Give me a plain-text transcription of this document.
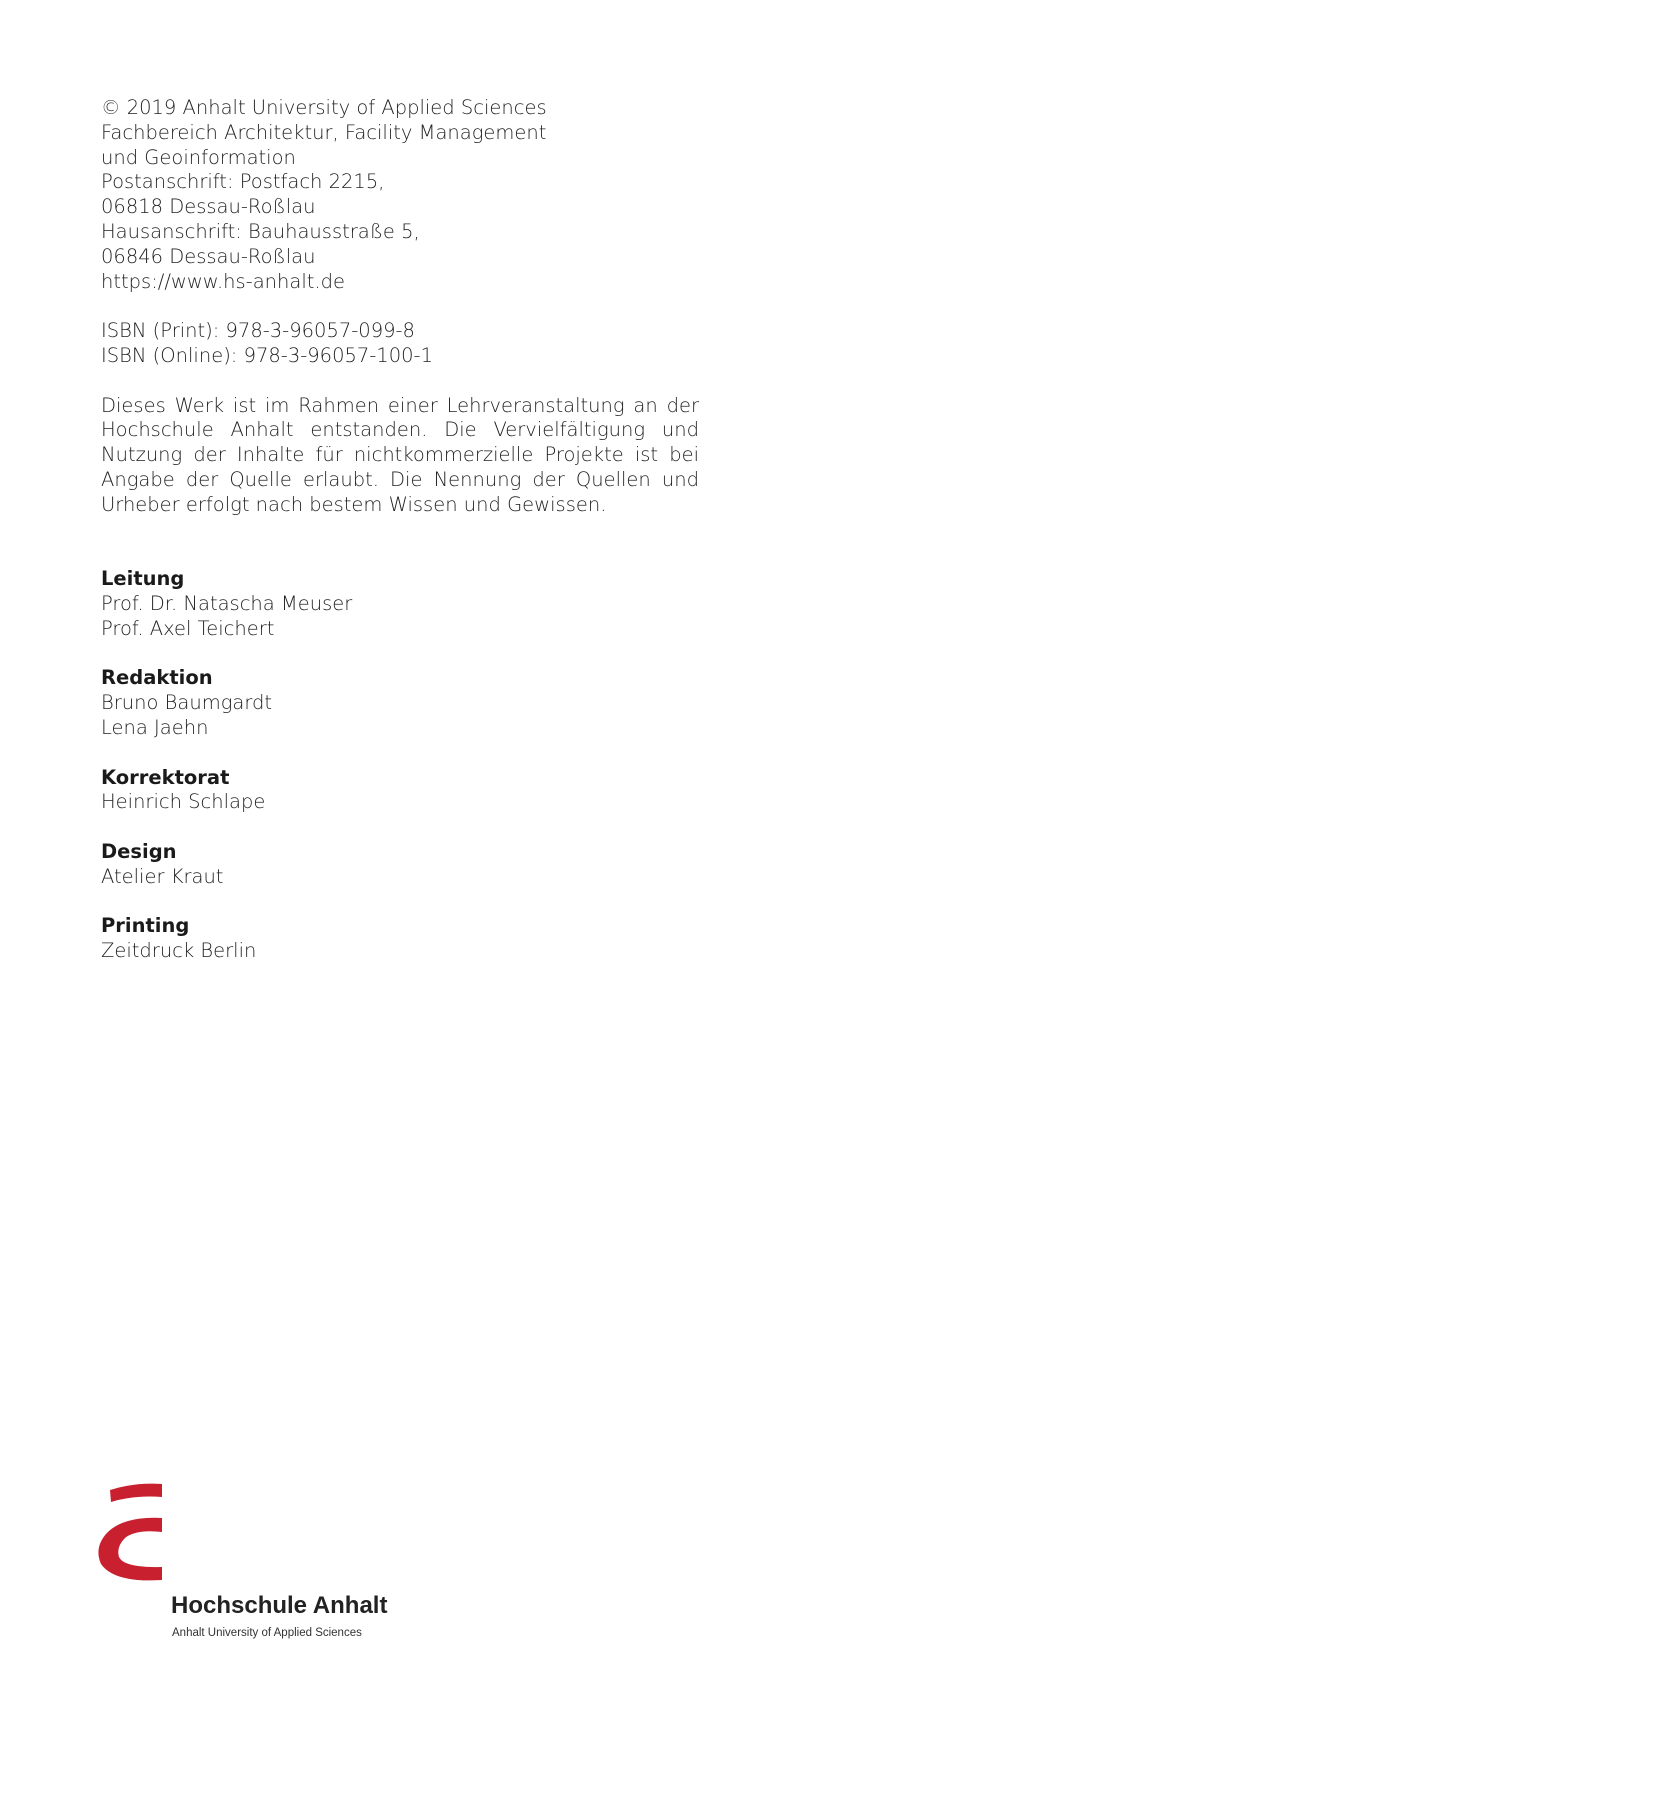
© 2019 Anhalt University of Applied Sciences
Fachbereich Architektur, Facility Management
und Geoinformation
Postanschrift: Postfach 2215,
06818 Dessau-Roßlau
Hausanschrift: Bauhausstraße 5,
06846 Dessau-Roßlau
https://www.hs-anhalt.de
ISBN (Print): 978-3-96057-099-8
ISBN (Online): 978-3-96057-100-1
Dieses Werk ist im Rahmen einer Lehrveranstaltung an der Hochschule Anhalt entstanden. Die Vervielfältigung und Nutzung der Inhalte für nichtkommerzielle Projekte ist bei Angabe der Quelle erlaubt. Die Nennung der Quellen und Urheber erfolgt nach bestem Wissen und Gewissen.
Leitung
Prof. Dr. Natascha Meuser
Prof. Axel Teichert
Redaktion
Bruno Baumgardt
Lena Jaehn
Korrektorat
Heinrich Schlape
Design
Atelier Kraut
Printing
Zeitdruck Berlin
Hochschule Anhalt
Anhalt University of Applied Sciences
